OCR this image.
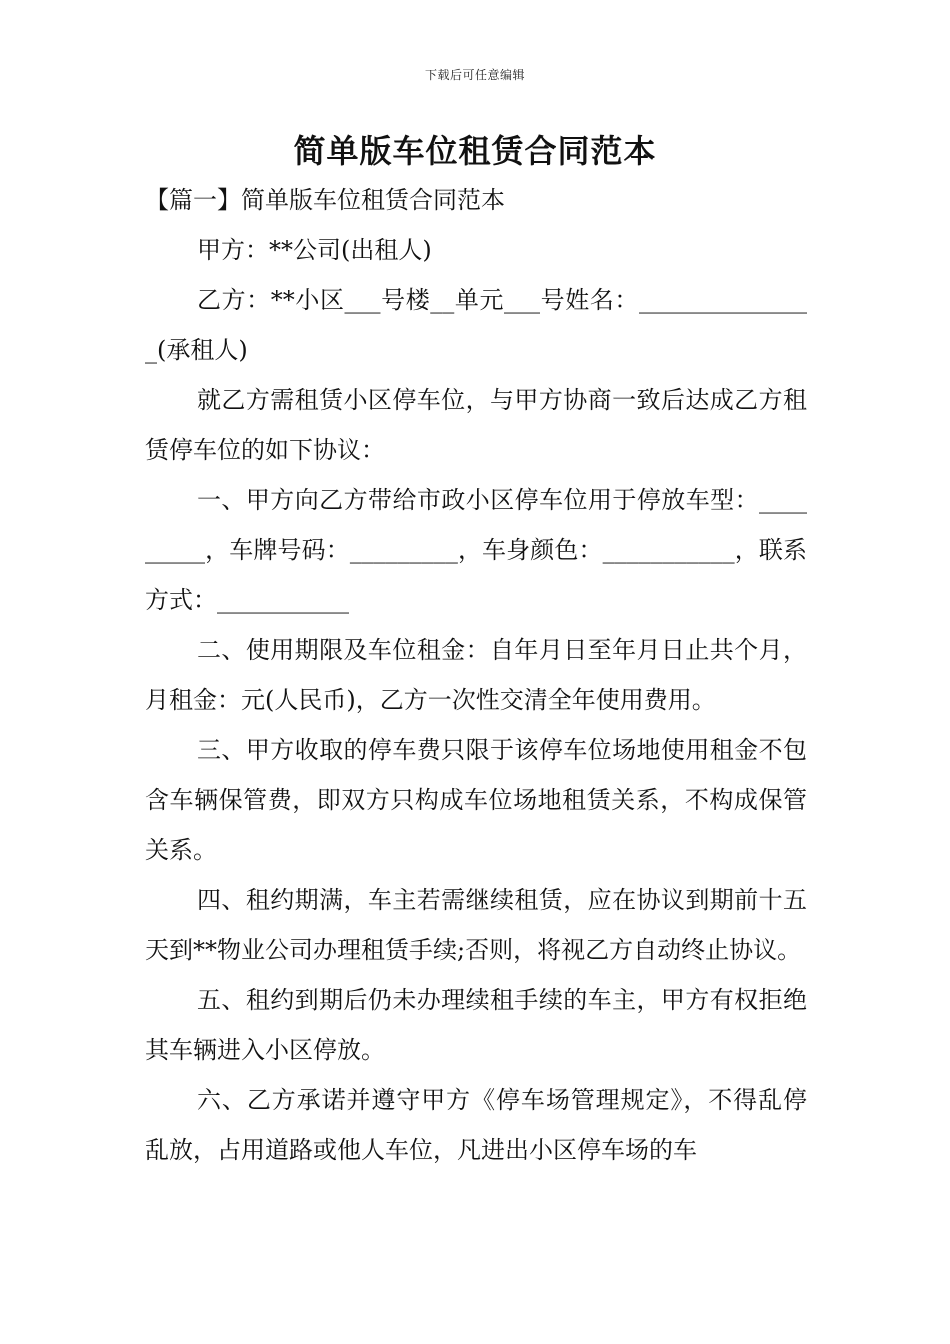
下载后可任意编辑
简单版车位租赁合同范本

【篇一】简单版车位租赁合同范本

甲方：**公司(出租人)

乙方：**小区___号楼__单元___号姓名：_______________(承租人)

就乙方需租赁小区停车位，与甲方协商一致后达成乙方租赁停车位的如下协议：

一、甲方向乙方带给市政小区停车位用于停放车型：_________，车牌号码：_________，车身颜色：___________，联系方式：___________

二、使用期限及车位租金：自年月日至年月日止共个月，月租金：元(人民币)，乙方一次性交清全年使用费用。

三、甲方收取的停车费只限于该停车位场地使用租金不包含车辆保管费，即双方只构成车位场地租赁关系，不构成保管关系。

四、租约期满，车主若需继续租赁，应在协议到期前十五天到**物业公司办理租赁手续;否则，将视乙方自动终止协议。

五、租约到期后仍未办理续租手续的车主，甲方有权拒绝其车辆进入小区停放。

六、乙方承诺并遵守甲方《停车场管理规定》，不得乱停乱放，占用道路或他人车位，凡进出小区停车场的车
